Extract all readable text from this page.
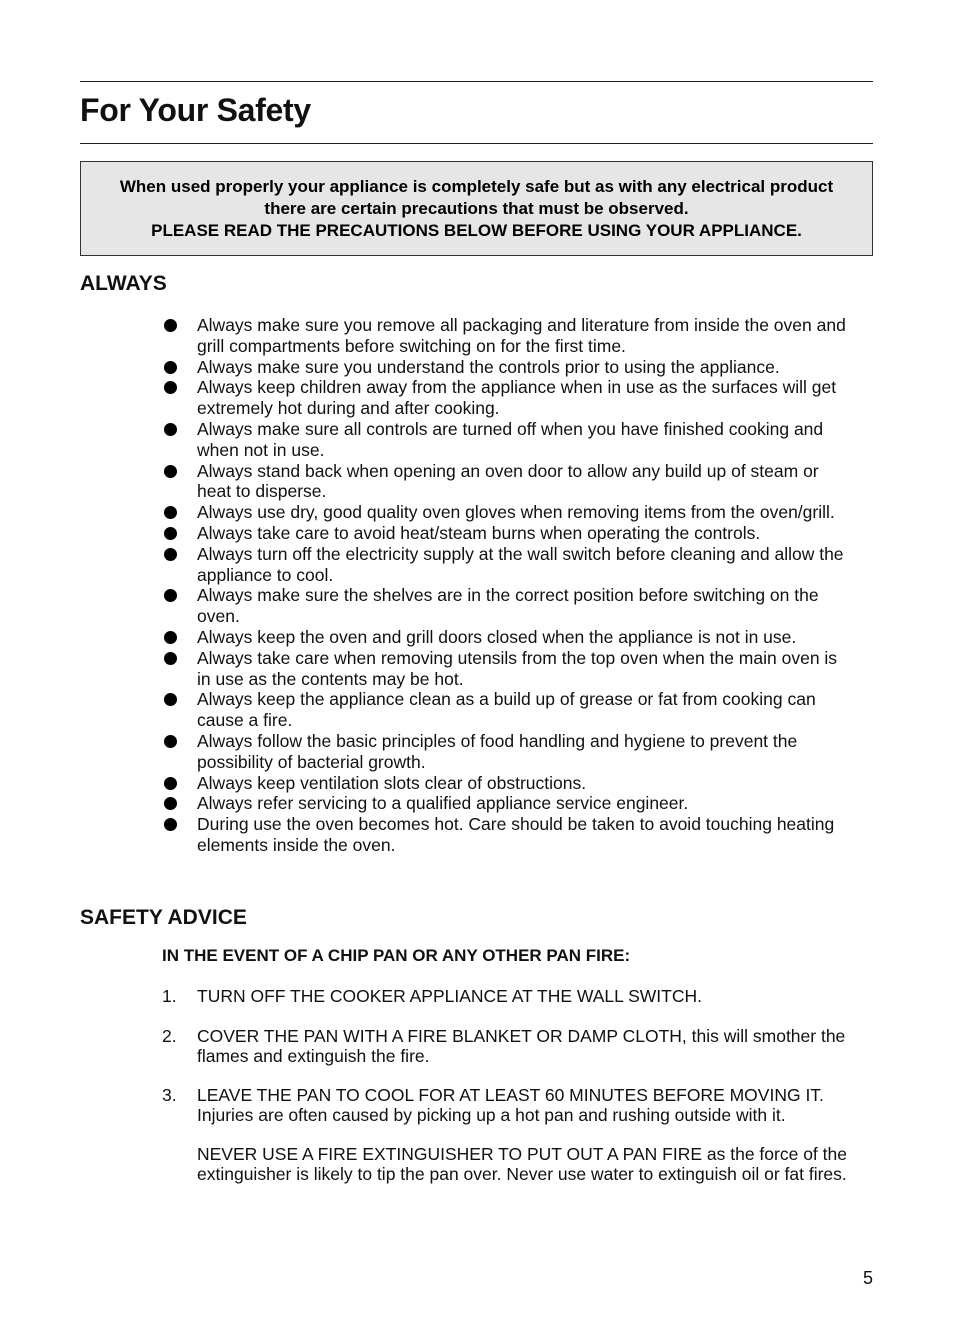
For Your Safety
When used properly your appliance is completely safe but as with any electrical product
there are certain precautions that must be observed.
PLEASE READ THE PRECAUTIONS BELOW BEFORE USING YOUR APPLIANCE.
ALWAYS
Always make sure you remove all packaging and literature from inside the oven and grill compartments before switching on for the first time.
Always make sure you understand the controls prior to using the appliance.
Always keep children away from the appliance when in use as the surfaces will get extremely hot during and after cooking.
Always make sure all controls are turned off when you have finished cooking and when not in use.
Always stand back when opening an oven door to allow any build up of steam or heat to disperse.
Always use dry, good quality oven gloves when removing items from the oven/grill.
Always take care to avoid heat/steam burns when operating the controls.
Always turn off the electricity supply at the wall switch before cleaning and allow the appliance to cool.
Always make sure the shelves are in the correct position before switching on the oven.
Always keep the oven and grill doors closed when the appliance is not in use.
Always take care when removing utensils from the top oven when the main oven is in use as the contents may be hot.
Always keep the appliance clean as a build up of grease or fat from cooking can cause a fire.
Always follow the basic principles of food handling and hygiene to prevent the possibility of bacterial growth.
Always keep ventilation slots clear of obstructions.
Always refer servicing to a qualified appliance service engineer.
During use the oven becomes hot. Care should be taken to avoid touching heating elements inside the oven.
SAFETY ADVICE
IN THE EVENT OF A CHIP PAN OR ANY OTHER PAN FIRE:
1. TURN OFF THE COOKER APPLIANCE AT THE WALL SWITCH.
2. COVER THE PAN WITH A FIRE BLANKET OR DAMP CLOTH, this will smother the flames and extinguish the fire.
3. LEAVE THE PAN TO COOL FOR AT LEAST 60 MINUTES BEFORE MOVING IT. Injuries are often caused by picking up a hot pan and rushing outside with it.
NEVER USE A FIRE EXTINGUISHER TO PUT OUT A PAN FIRE as the force of the extinguisher is likely to tip the pan over. Never use water to extinguish oil or fat fires.
5
